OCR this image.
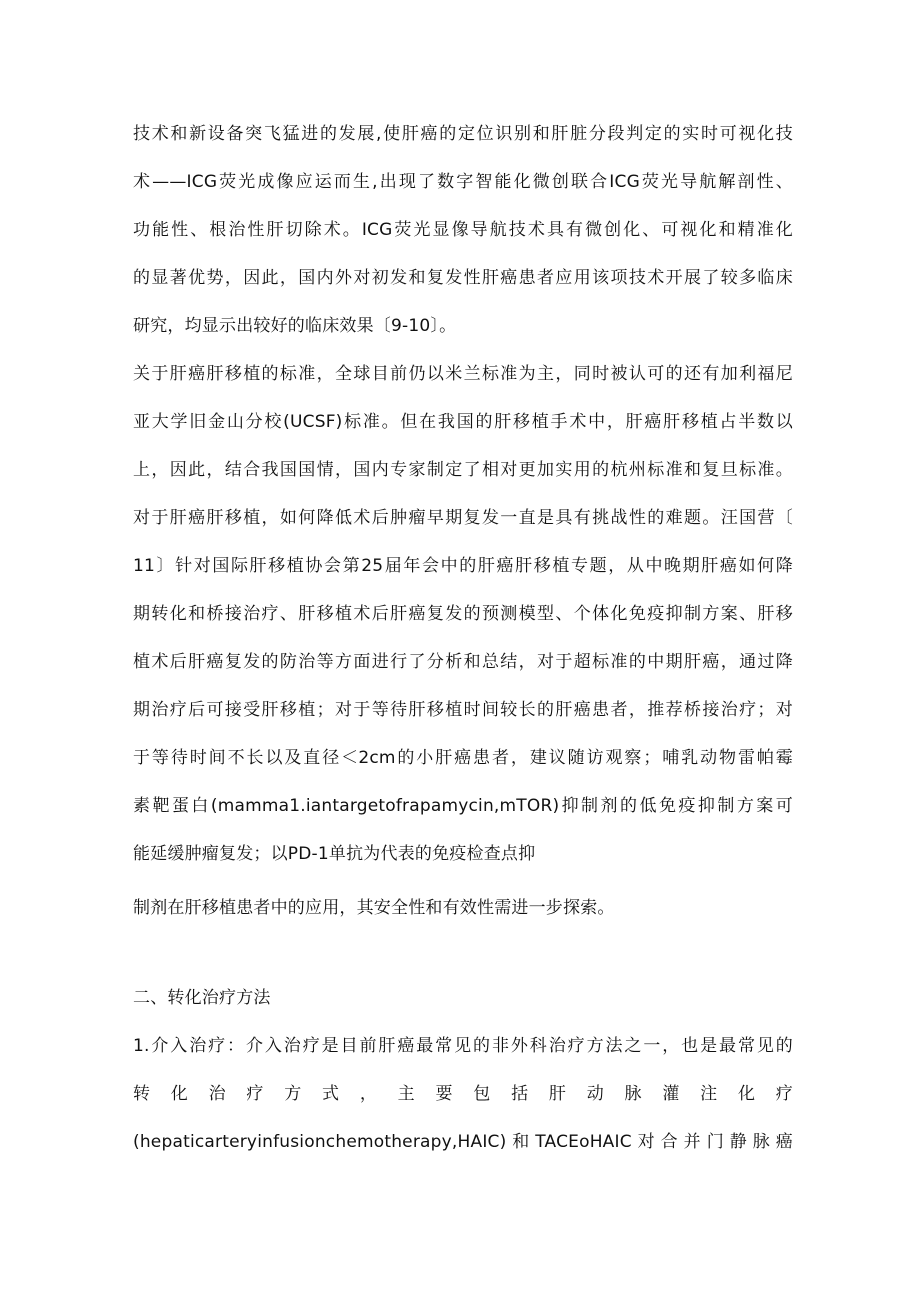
技术和新设备突飞猛进的发展,使肝癌的定位识别和肝脏分段判定的实时可视化技
术——ICG荧光成像应运而生,出现了数字智能化微创联合ICG荧光导航解剖性、
功能性、根治性肝切除术。ICG荧光显像导航技术具有微创化、可视化和精准化
的显著优势，因此，国内外对初发和复发性肝癌患者应用该项技术开展了较多临床
研究，均显示出较好的临床效果〔9-10〕。
关于肝癌肝移植的标准，全球目前仍以米兰标准为主，同时被认可的还有加利福尼
亚大学旧金山分校(UCSF)标准。但在我国的肝移植手术中，肝癌肝移植占半数以
上，因此，结合我国国情，国内专家制定了相对更加实用的杭州标准和复旦标准。
对于肝癌肝移植，如何降低术后肿瘤早期复发一直是具有挑战性的难题。汪国营〔
11〕针对国际肝移植协会第25届年会中的肝癌肝移植专题，从中晚期肝癌如何降
期转化和桥接治疗、肝移植术后肝癌复发的预测模型、个体化免疫抑制方案、肝移
植术后肝癌复发的防治等方面进行了分析和总结，对于超标准的中期肝癌，通过降
期治疗后可接受肝移植；对于等待肝移植时间较长的肝癌患者，推荐桥接治疗；对
于等待时间不长以及直径＜2cm的小肝癌患者，建议随访观察；哺乳动物雷帕霉
素靶蛋白(mamma1.iantargetofrapamycin,mTOR)抑制剂的低免疫抑制方案可
能延缓肿瘤复发；以PD-1单抗为代表的免疫检查点抑
制剂在肝移植患者中的应用，其安全性和有效性需进一步探索。
二、转化治疗方法
1.介入治疗：介入治疗是目前肝癌最常见的非外科治疗方法之一，也是最常见的
转 化 治 疗 方 式 ， 主 要 包 括 肝 动 脉 灌 注 化 疗
(hepaticarteryinfusionchemotherapy,HAIC)和TACEoHAIC对合并门静脉癌
